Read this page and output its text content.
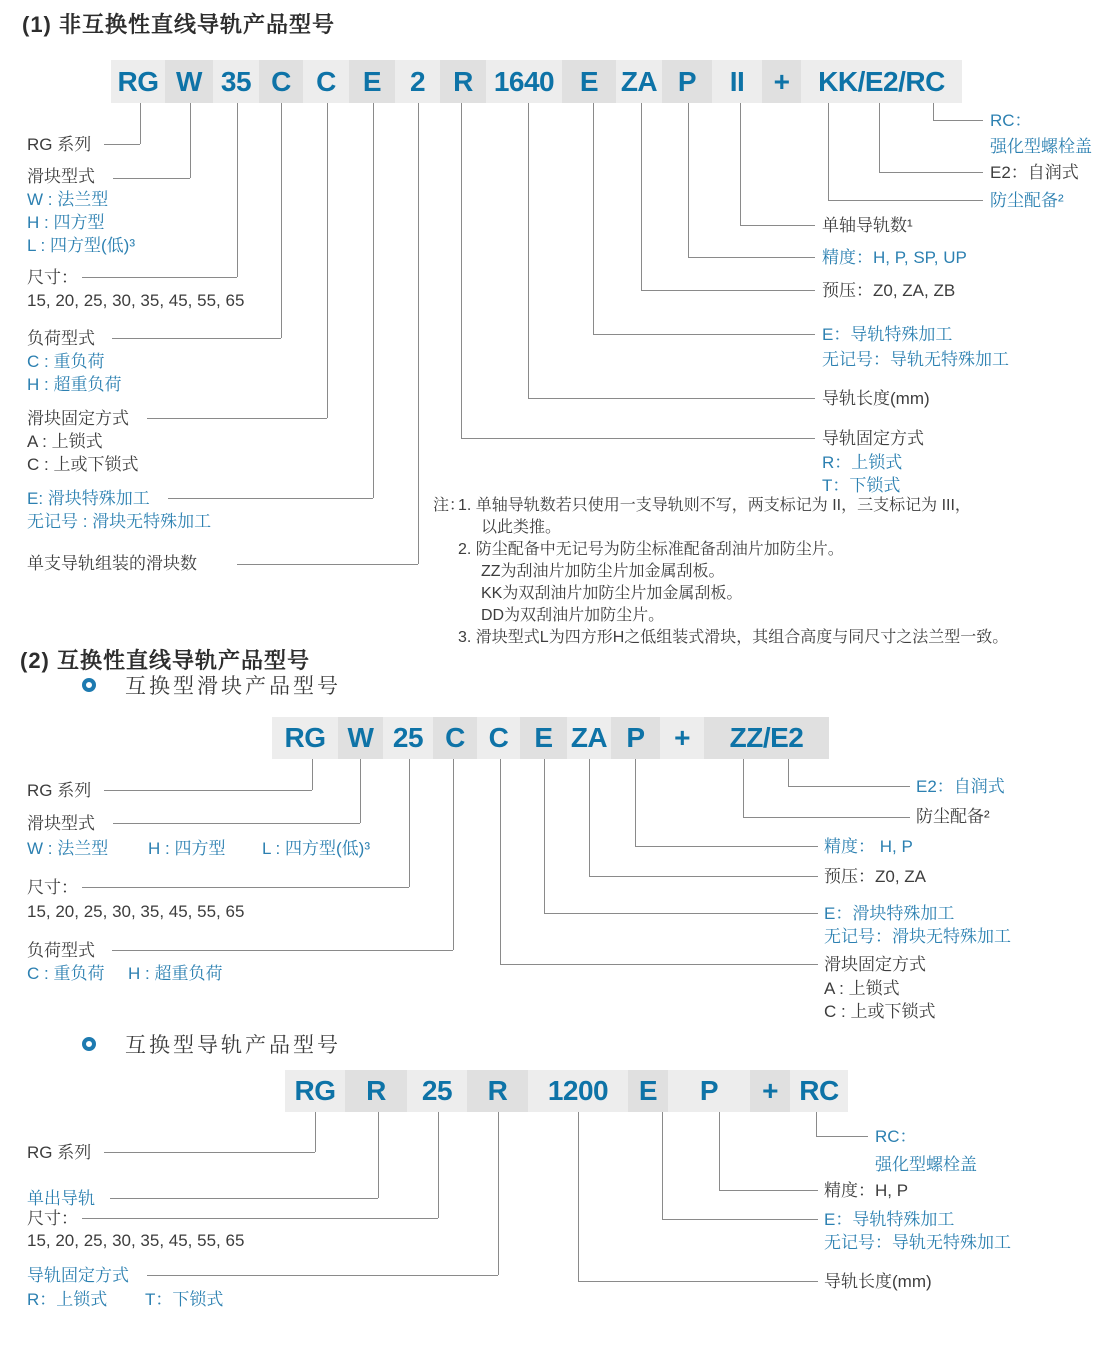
(1) 非互换性直线导轨产品型号
(2) 互换性直线导轨产品型号
互换型滑块产品型号
互换型导轨产品型号
RG W 35 C C E	2	R 1640 E ZA P	II	+	KK/E2/RC
RG 系列
滑块型式
W : 法兰型
H : 四方型
L : 四方型(低)³
尺寸：
15, 20, 25, 30, 35, 45, 55, 65
负荷型式
C : 重负荷
H : 超重负荷
滑块固定方式
A : 上锁式
C : 上或下锁式
E: 滑块特殊加工
无记号 : 滑块无特殊加工
单支导轨组装的滑块数
RC：
强化型螺栓盖
E2：自润式
防尘配备²
单轴导轨数¹
精度：H, P, SP, UP
预压：Z0, ZA, ZB
E：导轨特殊加工
无记号：导轨无特殊加工
导轨长度(mm)
导轨固定方式
R：上锁式
T：下锁式
RG W 25 C C E ZA P	+	ZZ/E2
RG 系列
滑块型式
W : 法兰型 H : 四方型 L : 四方型(低)³
尺寸：
15, 20, 25, 30, 35, 45, 55, 65
负荷型式
C : 重负荷 H : 超重负荷
E2：自润式
防尘配备²
精度： H, P
预压：Z0, ZA
E：滑块特殊加工
无记号：滑块无特殊加工
滑块固定方式
A : 上锁式
C : 上或下锁式
RG	R	25	R	1200	E	P	+ RC
RG 系列
单出导轨
尺寸：
15, 20, 25, 30, 35, 45, 55, 65
导轨固定方式
R：上锁式 T：下锁式
RC：
强化型螺栓盖
精度：H, P
E：导轨特殊加工
无记号：导轨无特殊加工
导轨长度(mm)
注：
1. 单轴导轨数若只使用一支导轨则不写，两支标记为 II，三支标记为 III，
以此类推。
2. 防尘配备中无记号为防尘标准配备刮油片加防尘片。
ZZ为刮油片加防尘片加金属刮板。
KK为双刮油片加防尘片加金属刮板。
DD为双刮油片加防尘片。
3. 滑块型式L为四方形H之低组装式滑块，其组合高度与同尺寸之法兰型一致。
